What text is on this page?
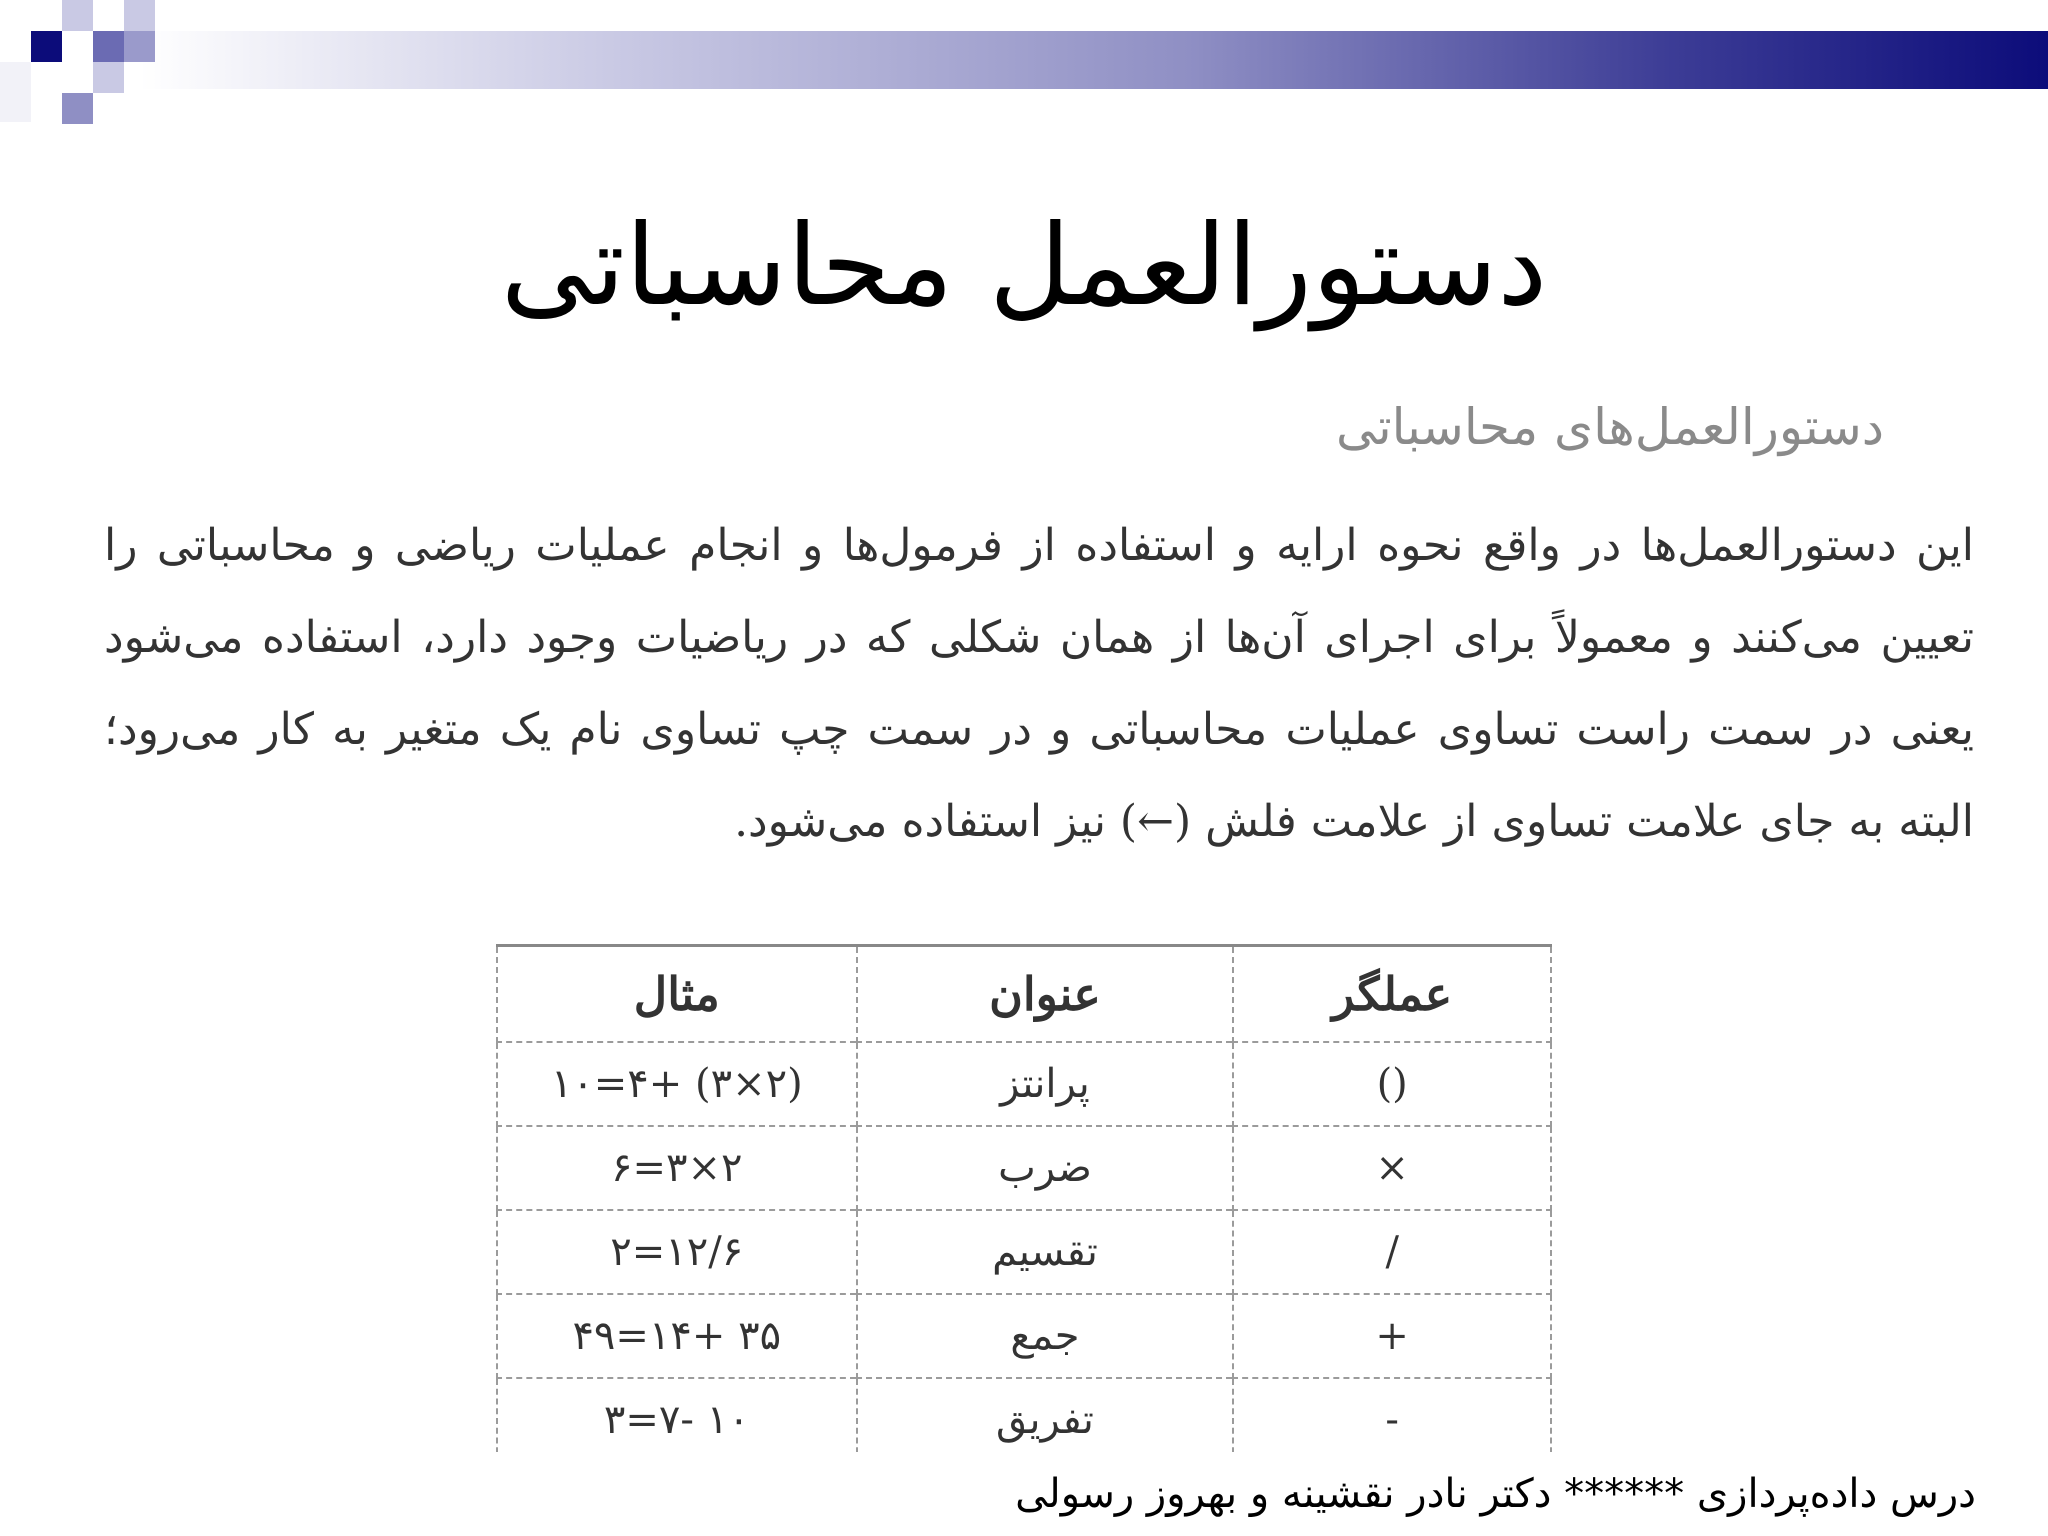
دستورالعمل محاسباتی
دستورالعمل‌های محاسباتی
این دستورالعمل‌ها در واقع نحوه ارایه و استفاده از فرمول‌ها و انجام عملیات ریاضی و محاسباتی را تعیین می‌کنند و معمولاً برای اجرای آن‌ها از همان شکلی که در ریاضیات وجود دارد، استفاده می‌شود یعنی در سمت راست تساوی عملیات محاسباتی و در سمت چپ تساوی نام یک متغیر به کار می‌رود؛ البته به جای علامت تساوی از علامت فلش (←) نیز استفاده می‌شود.
عملگر	عنوان	مثال
()	پرانتز	(۲×۳) +۴=۱۰
×	ضرب	۲×۳=۶
/	تقسیم	۱۲/۶=۲
+	جمع	۳۵ +۱۴=۴۹
-	تفریق	۱۰ -۷=۳
درس داده‌پردازی ****** دکتر نادر نقشینه و بهروز رسولی
